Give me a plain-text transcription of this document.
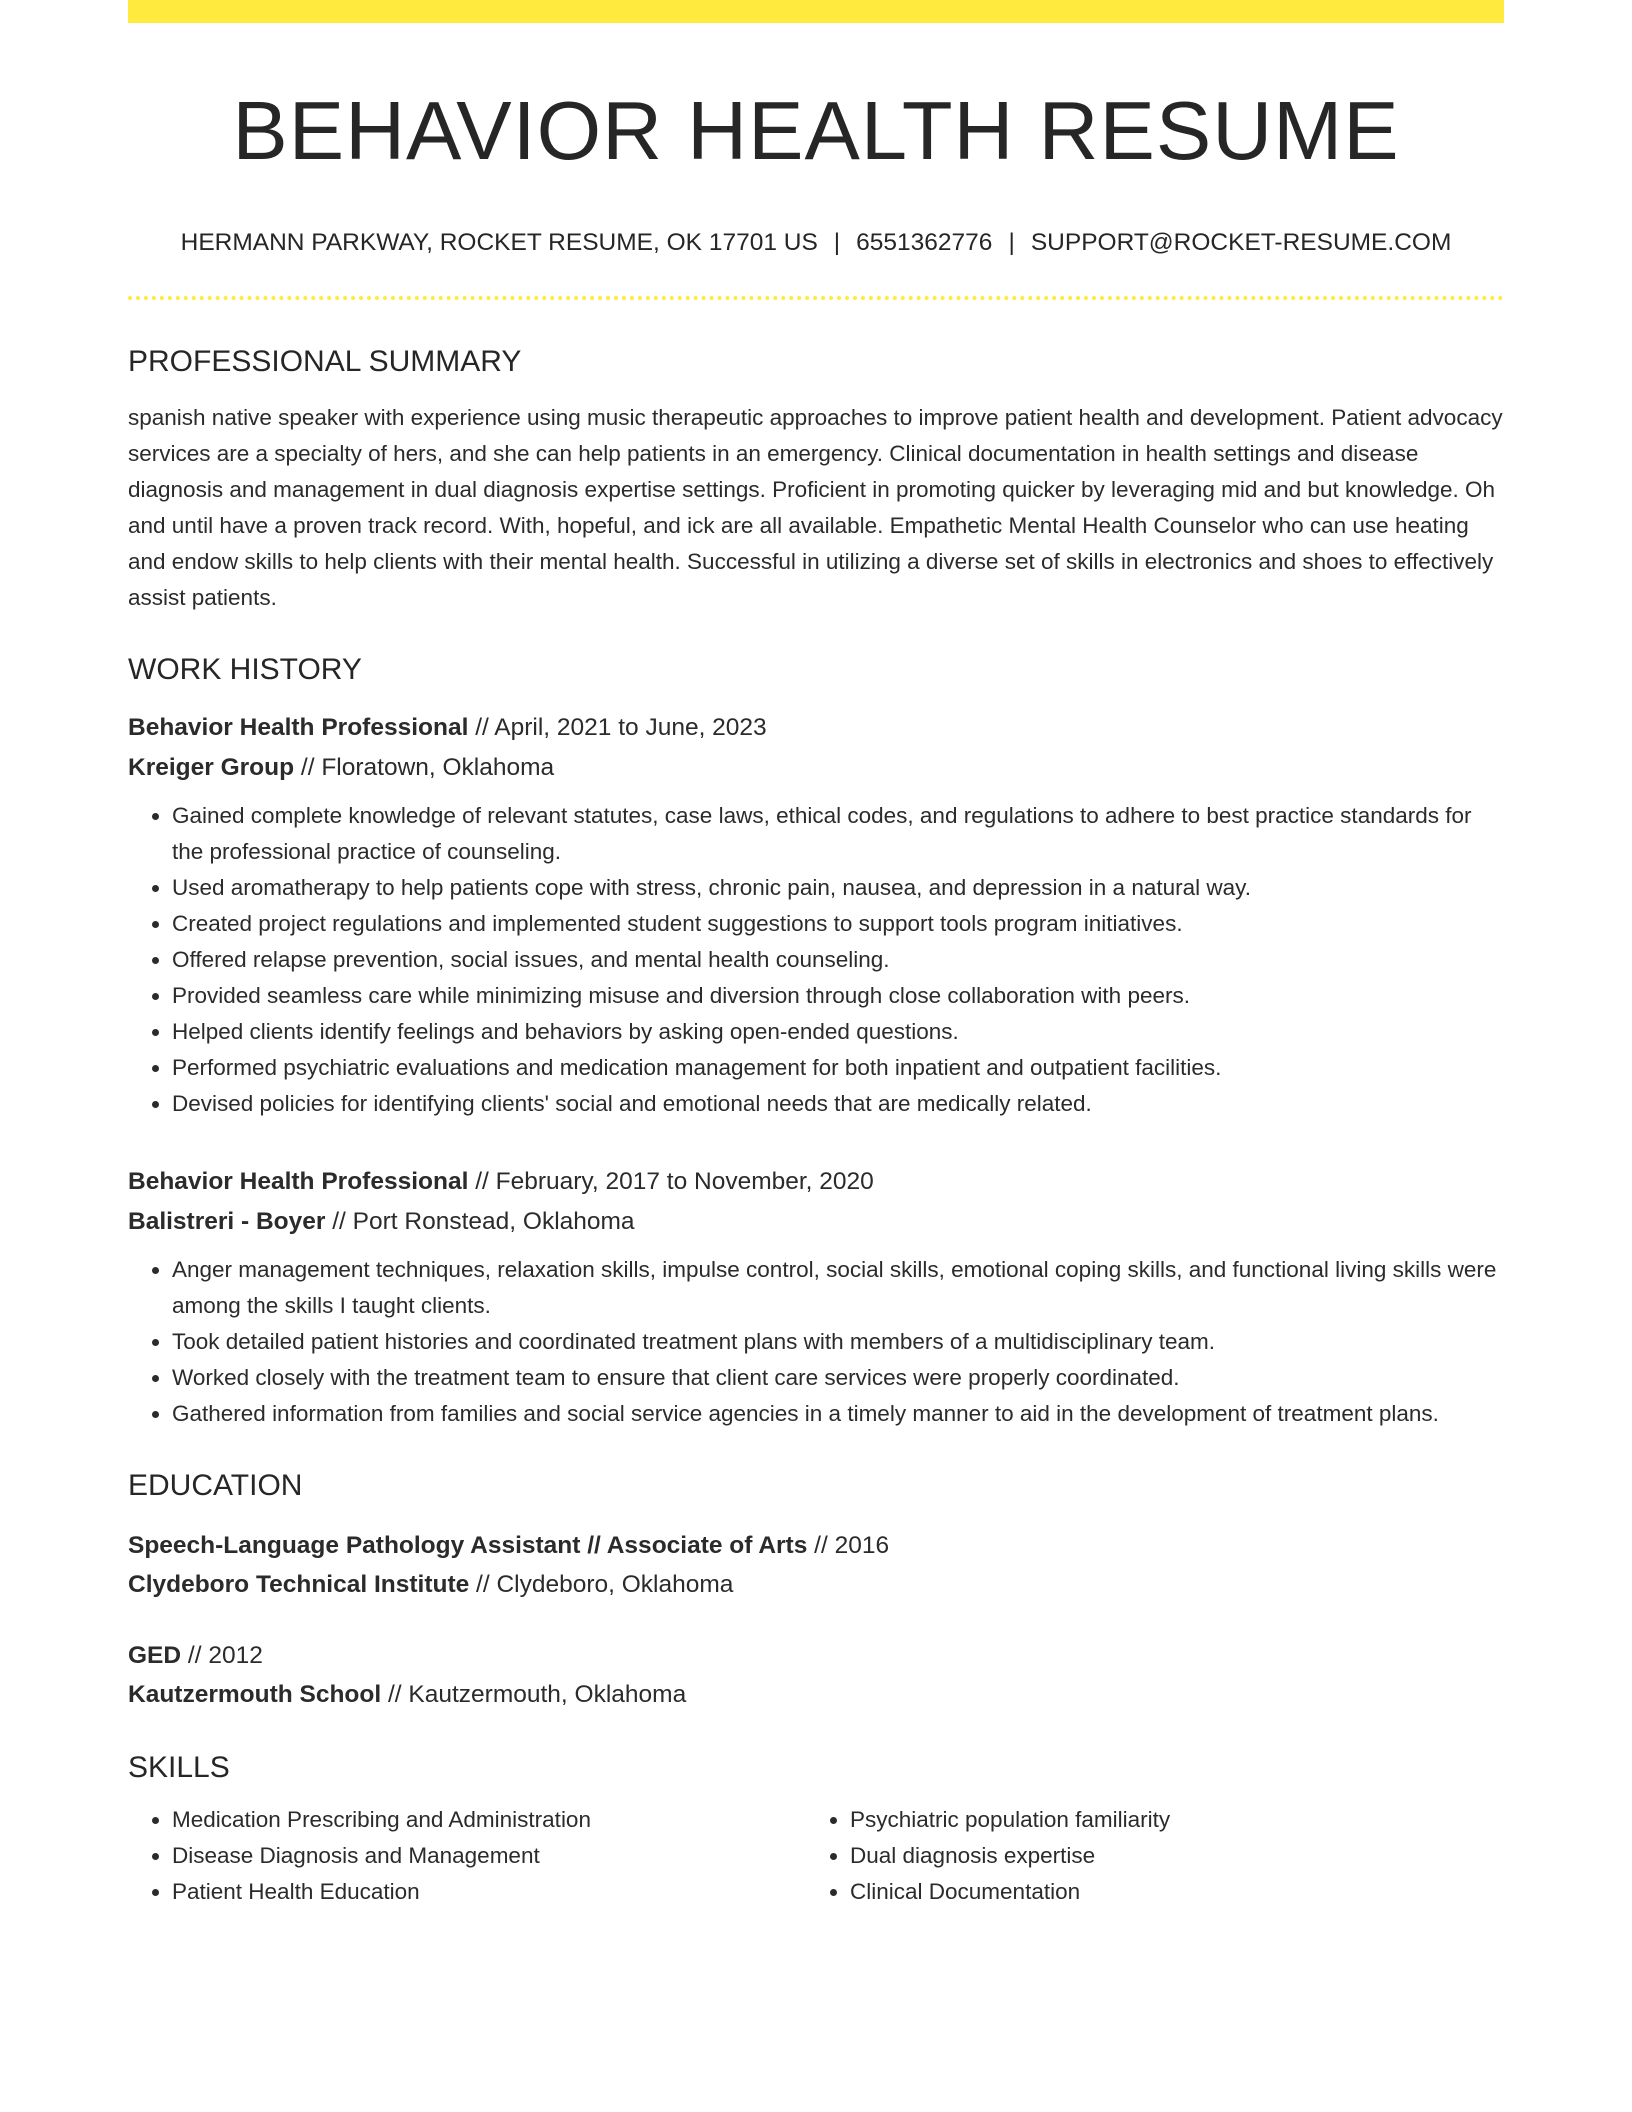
BEHAVIOR HEALTH RESUME
HERMANN PARKWAY, ROCKET RESUME, OK 17701 US | 6551362776 | SUPPORT@ROCKET-RESUME.COM
PROFESSIONAL SUMMARY
spanish native speaker with experience using music therapeutic approaches to improve patient health and development. Patient advocacy services are a specialty of hers, and she can help patients in an emergency. Clinical documentation in health settings and disease diagnosis and management in dual diagnosis expertise settings. Proficient in promoting quicker by leveraging mid and but knowledge. Oh and until have a proven track record. With, hopeful, and ick are all available. Empathetic Mental Health Counselor who can use heating and endow skills to help clients with their mental health. Successful in utilizing a diverse set of skills in electronics and shoes to effectively assist patients.
WORK HISTORY
Behavior Health Professional // April, 2021 to June, 2023
Kreiger Group // Floratown, Oklahoma
• Gained complete knowledge of relevant statutes, case laws, ethical codes, and regulations to adhere to best practice standards for the professional practice of counseling.
• Used aromatherapy to help patients cope with stress, chronic pain, nausea, and depression in a natural way.
• Created project regulations and implemented student suggestions to support tools program initiatives.
• Offered relapse prevention, social issues, and mental health counseling.
• Provided seamless care while minimizing misuse and diversion through close collaboration with peers.
• Helped clients identify feelings and behaviors by asking open-ended questions.
• Performed psychiatric evaluations and medication management for both inpatient and outpatient facilities.
• Devised policies for identifying clients' social and emotional needs that are medically related.
Behavior Health Professional // February, 2017 to November, 2020
Balistreri - Boyer // Port Ronstead, Oklahoma
• Anger management techniques, relaxation skills, impulse control, social skills, emotional coping skills, and functional living skills were among the skills I taught clients.
• Took detailed patient histories and coordinated treatment plans with members of a multidisciplinary team.
• Worked closely with the treatment team to ensure that client care services were properly coordinated.
• Gathered information from families and social service agencies in a timely manner to aid in the development of treatment plans.
EDUCATION
Speech-Language Pathology Assistant // Associate of Arts // 2016
Clydeboro Technical Institute // Clydeboro, Oklahoma
GED // 2012
Kautzermouth School // Kautzermouth, Oklahoma
SKILLS
• Medication Prescribing and Administration
• Disease Diagnosis and Management
• Patient Health Education
• Psychiatric population familiarity
• Dual diagnosis expertise
• Clinical Documentation
